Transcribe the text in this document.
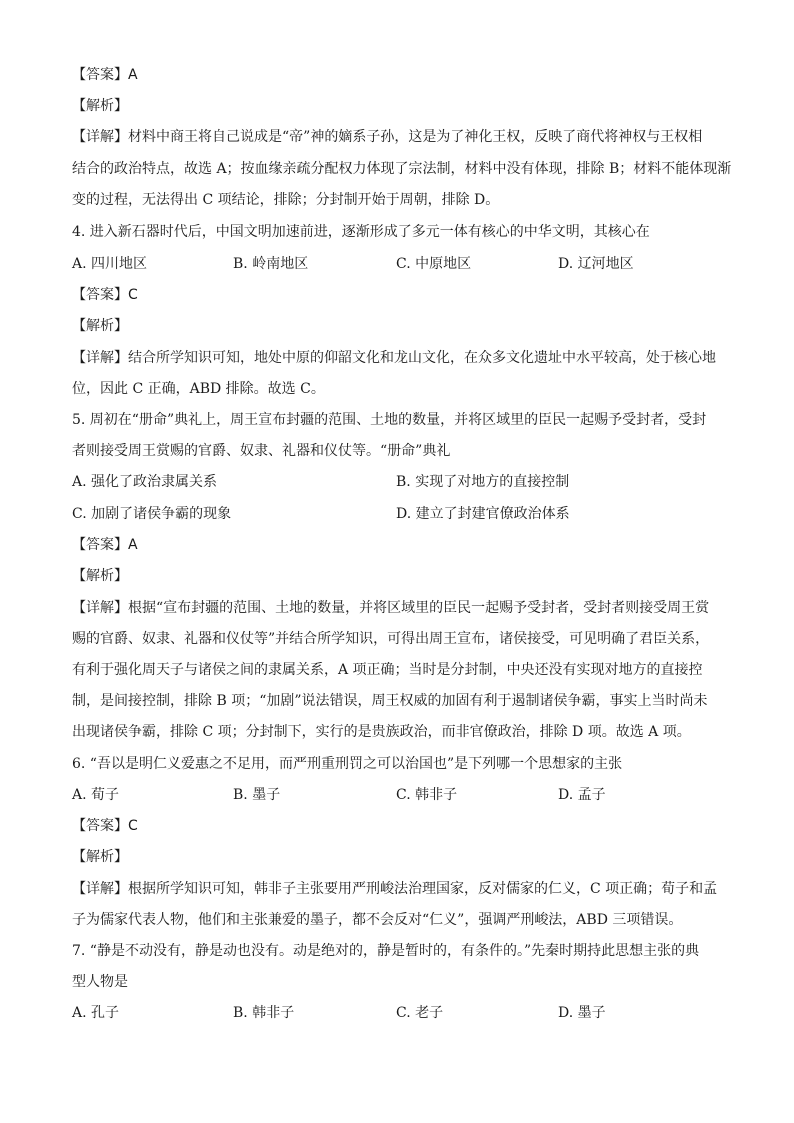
【答案】A
【解析】
【详解】材料中商王将自己说成是“帝”神的嫡系子孙，这是为了神化王权，反映了商代将神权与王权相
结合的政治特点，故选 A；按血缘亲疏分配权力体现了宗法制，材料中没有体现，排除 B；材料不能体现渐
变的过程，无法得出 C 项结论，排除；分封制开始于周朝，排除 D。
4. 进入新石器时代后，中国文明加速前进，逐渐形成了多元一体有核心的中华文明，其核心在
A. 四川地区	B. 岭南地区	C. 中原地区	D. 辽河地区
【答案】C
【解析】
【详解】结合所学知识可知，地处中原的仰韶文化和龙山文化，在众多文化遗址中水平较高，处于核心地
位，因此 C 正确，ABD 排除。故选 C。
5. 周初在“册命”典礼上，周王宣布封疆的范围、土地的数量，并将区域里的臣民一起赐予受封者，受封
者则接受周王赏赐的官爵、奴隶、礼器和仪仗等。“册命”典礼
A. 强化了政治隶属关系	B. 实现了对地方的直接控制
C. 加剧了诸侯争霸的现象	D. 建立了封建官僚政治体系
【答案】A
【解析】
【详解】根据“宣布封疆的范围、土地的数量，并将区域里的臣民一起赐予受封者，受封者则接受周王赏
赐的官爵、奴隶、礼器和仪仗等”并结合所学知识，可得出周王宣布，诸侯接受，可见明确了君臣关系，
有利于强化周天子与诸侯之间的隶属关系，A 项正确；当时是分封制，中央还没有实现对地方的直接控
制，是间接控制，排除 B 项；“加剧”说法错误，周王权威的加固有利于遏制诸侯争霸，事实上当时尚未
出现诸侯争霸，排除 C 项；分封制下，实行的是贵族政治，而非官僚政治，排除 D 项。故选 A 项。
6. “吾以是明仁义爱惠之不足用，而严刑重刑罚之可以治国也”是下列哪一个思想家的主张
A. 荀子	B. 墨子	C. 韩非子	D. 孟子
【答案】C
【解析】
【详解】根据所学知识可知，韩非子主张要用严刑峻法治理国家，反对儒家的仁义，C 项正确；荀子和孟
子为儒家代表人物，他们和主张兼爱的墨子，都不会反对“仁义”，强调严刑峻法，ABD 三项错误。
7. “静是不动没有，静是动也没有。动是绝对的，静是暂时的，有条件的。”先秦时期持此思想主张的典
型人物是
A. 孔子	B. 韩非子	C. 老子	D. 墨子
